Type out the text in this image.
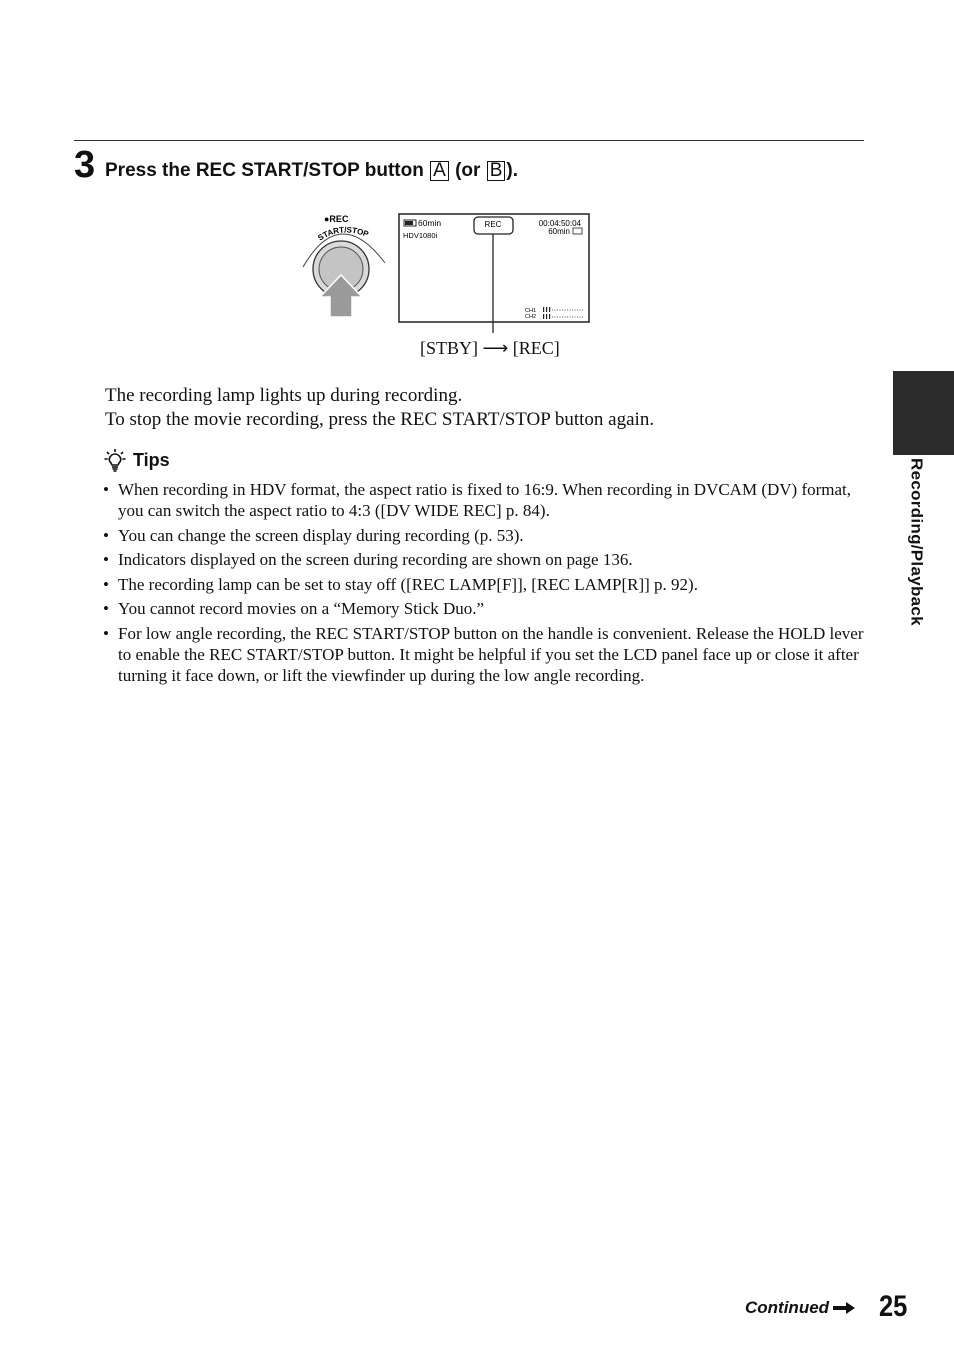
3 Press the REC START/STOP button A (or B ).
●REC
START/STOP
60min
HDV1080i
REC	00:04:50:04
60min
CH1
CH2
[STBY] ⟶ [REC]

The recording lamp lights up during recording.

To stop the movie recording, press the REC START/STOP button again.

Tips
• When recording in HDV format, the aspect ratio is fixed to 16:9. When recording in DVCAM (DV) format, you can switch the aspect ratio to 4:3 ([DV WIDE REC] p. 84).
• You can change the screen display during recording (p. 53).
• Indicators displayed on the screen during recording are shown on page 136.
• The recording lamp can be set to stay off ([REC LAMP[F]], [REC LAMP[R]] p. 92).
• You cannot record movies on a “Memory Stick Duo.”
• For low angle recording, the REC START/STOP button on the handle is convenient. Release the HOLD lever to enable the REC START/STOP button. It might be helpful if you set the LCD panel face up or close it after turning it face down, or lift the viewfinder up during the low angle recording.
Recording/Playback
Continued 25
